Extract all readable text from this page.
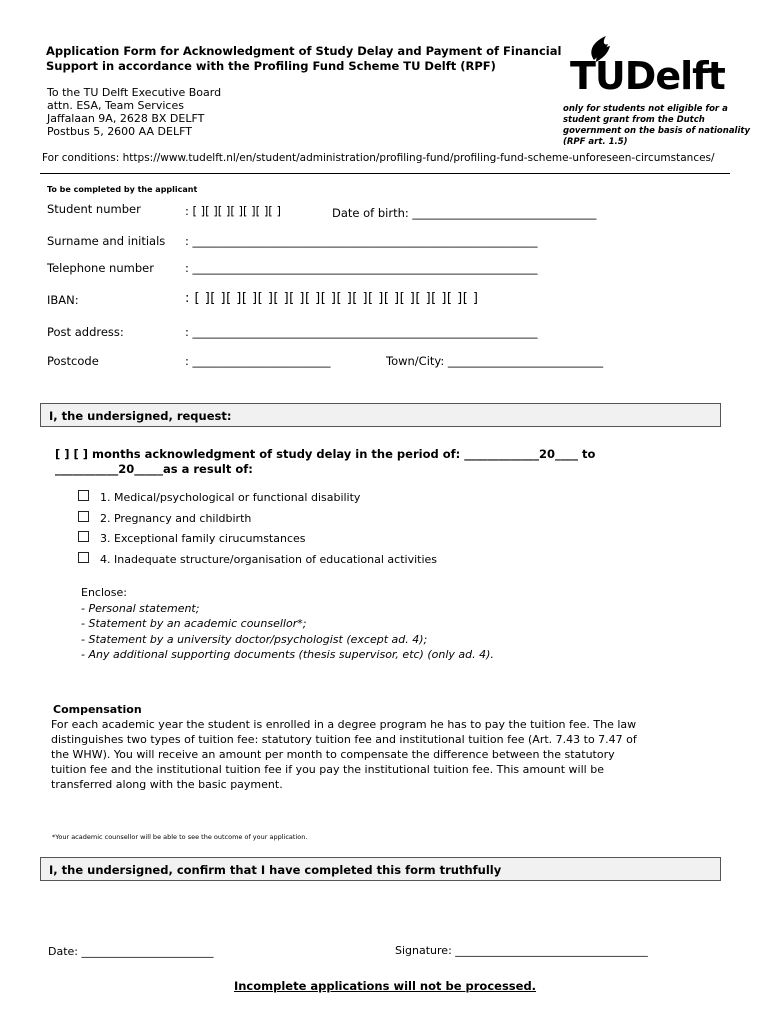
Application Form for Acknowledgment of Study Delay and Payment of Financial
Support in accordance with the Profiling Fund Scheme TU Delft (RPF)
To the TU Delft Executive Board
attn. ESA, Team Services
Jaffalaan 9A, 2628 BX DELFT
Postbus 5, 2600 AA DELFT
TUDelft
only for students not eligible for a
student grant from the Dutch
government on the basis of nationality
(RPF art. 1.5)
For conditions: https://www.tudelft.nl/en/student/administration/profiling-fund/profiling-fund-scheme-unforeseen-circumstances/
To be completed by the applicant
Student number	: [ ][ ][ ][ ][ ][ ][ ]	Date of birth: ________________________________
Surname and initials : ____________________________________________________________
Telephone number	: ____________________________________________________________
IBAN:	: [ ][ ][ ][ ][ ][ ][ ][ ][ ][ ][ ][ ][ ][ ][ ][ ][ ][ ]
Post address:	: ____________________________________________________________
Postcode	: ________________________	Town/City: ___________________________
I, the undersigned, request:
[ ] [ ] months acknowledgment of study delay in the period of: _____________20____ to
___________20_____as a result of:
1. Medical/psychological or functional disability
2. Pregnancy and childbirth
3. Exceptional family cirucumstances
4. Inadequate structure/organisation of educational activities
Enclose:
- Personal statement;
- Statement by an academic counsellor*;
- Statement by a university doctor/psychologist (except ad. 4);
- Any additional supporting documents (thesis supervisor, etc) (only ad. 4).
Compensation
For each academic year the student is enrolled in a degree program he has to pay the tuition fee. The law distinguishes two types of tuition fee: statutory tuition fee and institutional tuition fee (Art. 7.43 to 7.47 of the WHW). You will receive an amount per month to compensate the difference between the statutory tuition fee and the institutional tuition fee if you pay the institutional tuition fee. This amount will be transferred along with the basic payment.
*Your academic counsellor will be able to see the outcome of your application.
I, the undersigned, confirm that I have completed this form truthfully
Date: ________________________	Signature: ___________________________________
Incomplete applications will not be processed.
